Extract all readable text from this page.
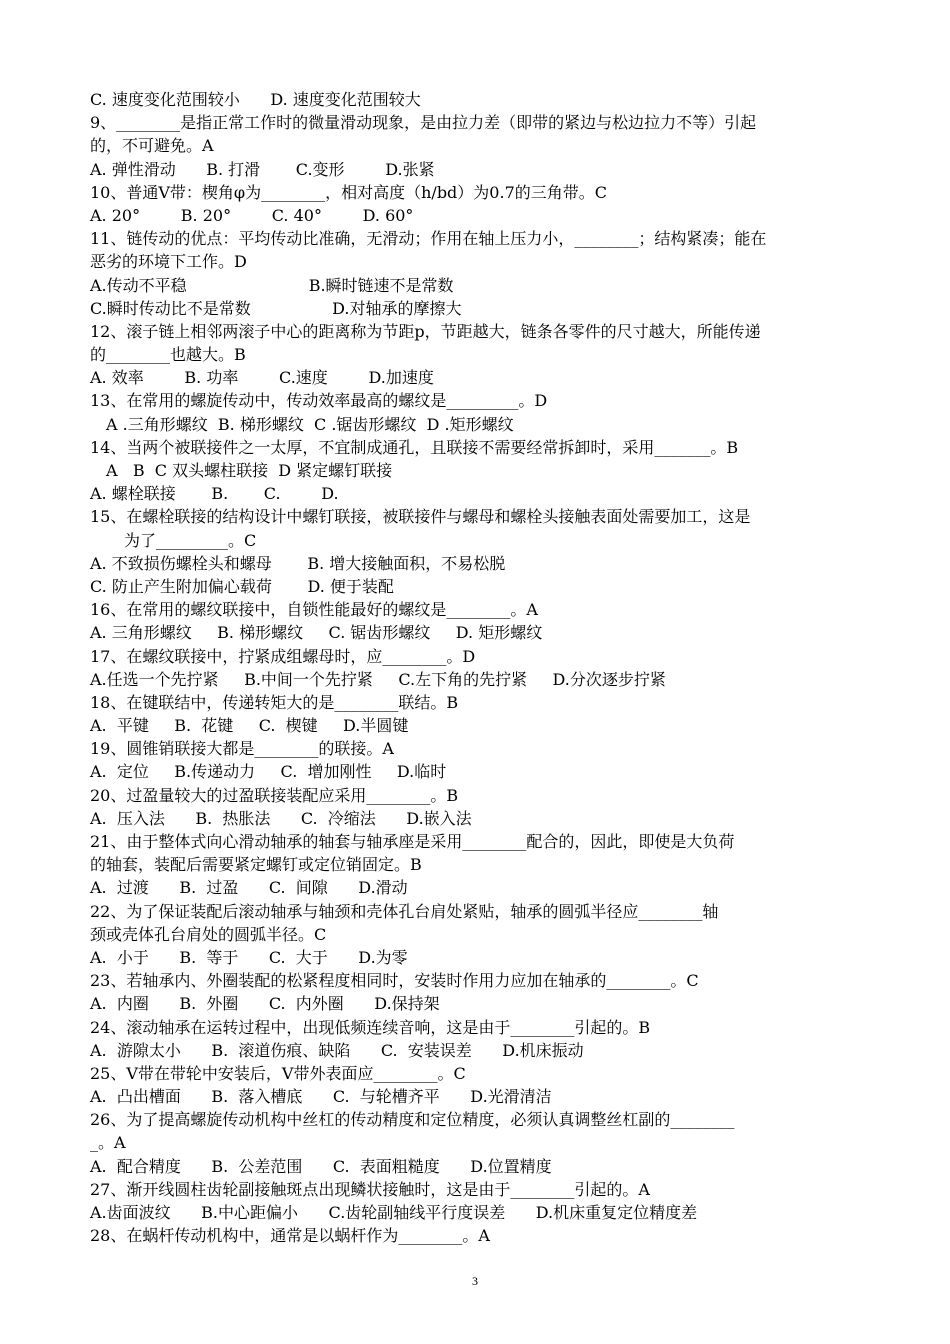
C. 速度变化范围较小      D. 速度变化范围较大
9、________是指正常工作时的微量滑动现象，是由拉力差（即带的紧边与松边拉力不等）引起
的，不可避免。A
A. 弹性滑动      B. 打滑       C.变形        D.张紧
10、普通V带：楔角φ为________，相对高度（h/bd）为0.7的三角带。C
A. 20°        B. 20°        C. 40°        D. 60°
11、链传动的优点：平均传动比准确，无滑动；作用在轴上压力小，________；结构紧凑；能在
恶劣的环境下工作。D
A.传动不平稳                        B.瞬时链速不是常数
C.瞬时传动比不是常数                D.对轴承的摩擦大
12、滚子链上相邻两滚子中心的距离称为节距p，节距越大，链条各零件的尺寸越大，所能传递
的________也越大。B
A. 效率        B. 功率        C.速度        D.加速度
13、在常用的螺旋传动中，传动效率最高的螺纹是_________。D
A .三角形螺纹  B. 梯形螺纹  C .锯齿形螺纹  D .矩形螺纹
14、当两个被联接件之一太厚，不宜制成通孔，且联接不需要经常拆卸时，采用_______。B
A   B  C 双头螺柱联接  D 紧定螺钉联接
A. 螺栓联接       B.       C.        D.
15、在螺栓联接的结构设计中螺钉联接，被联接件与螺母和螺栓头接触表面处需要加工，这是
为了_________。C
A. 不致损伤螺栓头和螺母       B. 增大接触面积，不易松脱
C. 防止产生附加偏心载荷       D. 便于装配
16、在常用的螺纹联接中，自锁性能最好的螺纹是________。A
A. 三角形螺纹     B. 梯形螺纹     C. 锯齿形螺纹     D. 矩形螺纹
17、在螺纹联接中，拧紧成组螺母时，应________。D
A.任选一个先拧紧     B.中间一个先拧紧     C.左下角的先拧紧     D.分次逐步拧紧
18、在键联结中，传递转矩大的是________联结。B
A.  平键     B.  花键     C.  楔键     D.半圆键
19、圆锥销联接大都是________的联接。A
A.  定位     B.传递动力     C.  增加刚性     D.临时
20、过盈量较大的过盈联接装配应采用________。B
A.  压入法      B.  热胀法      C.  冷缩法      D.嵌入法
21、由于整体式向心滑动轴承的轴套与轴承座是采用________配合的，因此，即使是大负荷
的轴套，装配后需要紧定螺钉或定位销固定。B
A.  过渡      B.  过盈      C.  间隙      D.滑动
22、为了保证装配后滚动轴承与轴颈和壳体孔台肩处紧贴，轴承的圆弧半径应________轴
颈或壳体孔台肩处的圆弧半径。C
A.  小于      B.  等于      C.  大于      D.为零
23、若轴承内、外圈装配的松紧程度相同时，安装时作用力应加在轴承的________。C
A.  内圈      B.  外圈      C.  内外圈      D.保持架
24、滚动轴承在运转过程中，出现低频连续音响，这是由于________引起的。B
A.  游隙太小      B.  滚道伤痕、缺陷      C.  安装误差      D.机床振动
25、V带在带轮中安装后，V带外表面应________。C
A.  凸出槽面      B.  落入槽底      C.  与轮槽齐平      D.光滑清洁
26、为了提高螺旋传动机构中丝杠的传动精度和定位精度，必须认真调整丝杠副的________
_。A
A.  配合精度      B.  公差范围      C.  表面粗糙度      D.位置精度
27、渐开线圆柱齿轮副接触斑点出现鳞状接触时，这是由于________引起的。A
A.齿面波纹      B.中心距偏小      C.齿轮副轴线平行度误差      D.机床重复定位精度差
28、在蜗杆传动机构中，通常是以蜗杆作为________。A
3
